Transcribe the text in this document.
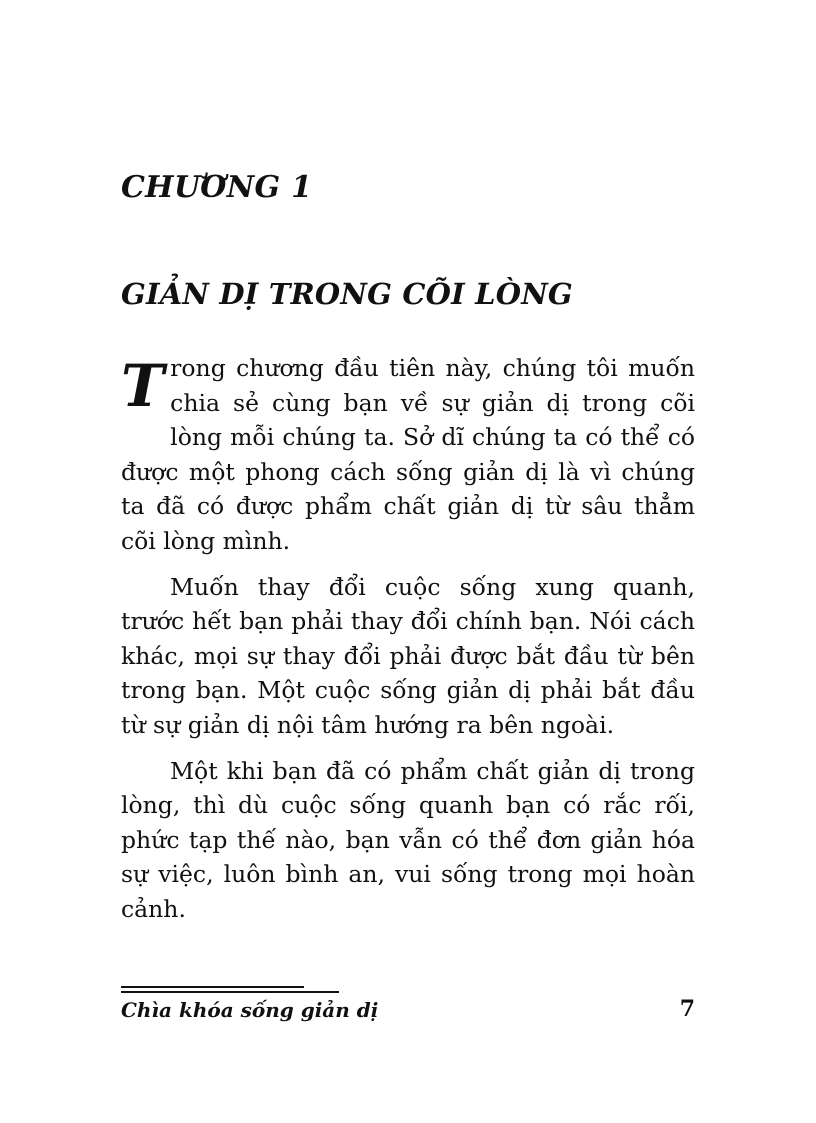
CHƯƠNG 1
GIẢN DỊ TRONG CÕI LÒNG

Trong chương đầu tiên này, chúng tôi muốn chia sẻ cùng bạn về sự giản dị trong cõi lòng mỗi chúng ta. Sở dĩ chúng ta có thể có được một phong cách sống giản dị là vì chúng ta đã có được phẩm chất giản dị từ sâu thẳm cõi lòng mình.

Muốn thay đổi cuộc sống xung quanh, trước hết bạn phải thay đổi chính bạn. Nói cách khác, mọi sự thay đổi phải được bắt đầu từ bên trong bạn. Một cuộc sống giản dị phải bắt đầu từ sự giản dị nội tâm hướng ra bên ngoài.

Một khi bạn đã có phẩm chất giản dị trong lòng, thì dù cuộc sống quanh bạn có rắc rối, phức tạp thế nào, bạn vẫn có thể đơn giản hóa sự việc, luôn bình an, vui sống trong mọi hoàn cảnh.

Chìa khóa sống giản dị	7
